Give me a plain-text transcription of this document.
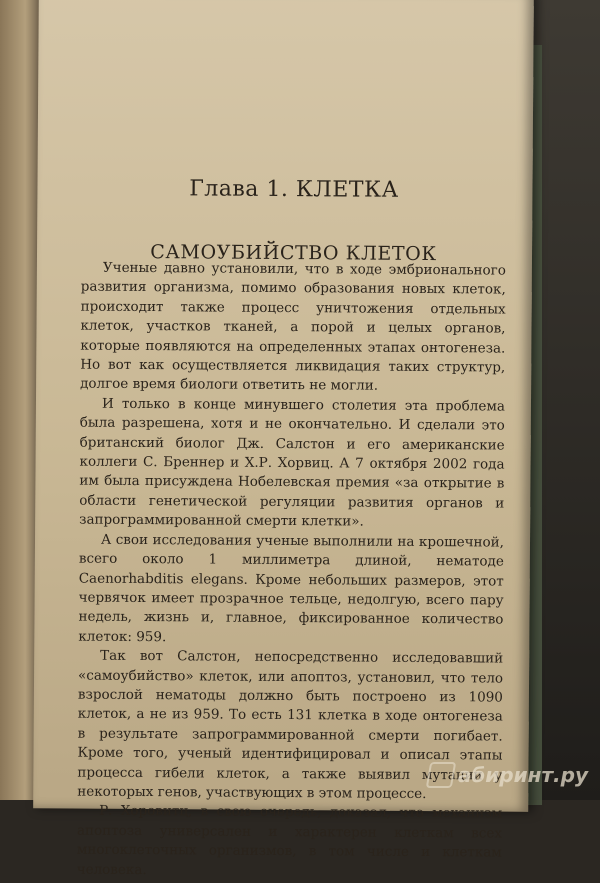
Глава 1. КЛЕТКА
САМОУБИЙСТВО КЛЕТОК

Ученые давно установили, что в ходе эмбрионального развития организма, помимо образования новых клеток, происходит также процесс уничтожения отдельных клеток, участков тканей, а порой и целых органов, которые появляются на определенных этапах онтогенеза. Но вот как осуществляется ликвидация таких структур, долгое время биологи ответить не могли.

И только в конце минувшего столетия эта проблема была разрешена, хотя и не окончательно. И сделали это британский биолог Дж. Салстон и его американские коллеги С. Бреннер и Х.Р. Хорвиц. А 7 октября 2002 года им была присуждена Нобелевская премия «за открытие в области генетической регуляции развития органов и запрограммированной смерти клетки».

А свои исследования ученые выполнили на крошечной, всего около 1 миллиметра длиной, нематоде Caenorhabditis elegans. Кроме небольших размеров, этот червячок имеет прозрачное тельце, недолгую, всего пару недель, жизнь и, главное, фиксированное количество клеток: 959.

Так вот Салстон, непосредственно исследовавший «самоубийство» клеток, или апоптоз, установил, что тело взрослой нематоды должно быть построено из 1090 клеток, а не из 959. То есть 131 клетка в ходе онтогенеза в результате запрограммированной смерти погибает. Кроме того, ученый идентифицировал и описал этапы процесса гибели клеток, а также выявил мутации у некоторых генов, участвующих в этом процессе.

Р. Хоровитц, в свою очередь, доказал, что механизм апоптоза универсален и характерен клеткам всех многоклеточных организмов, в том числе и клеткам человека.

абиринт.ру
